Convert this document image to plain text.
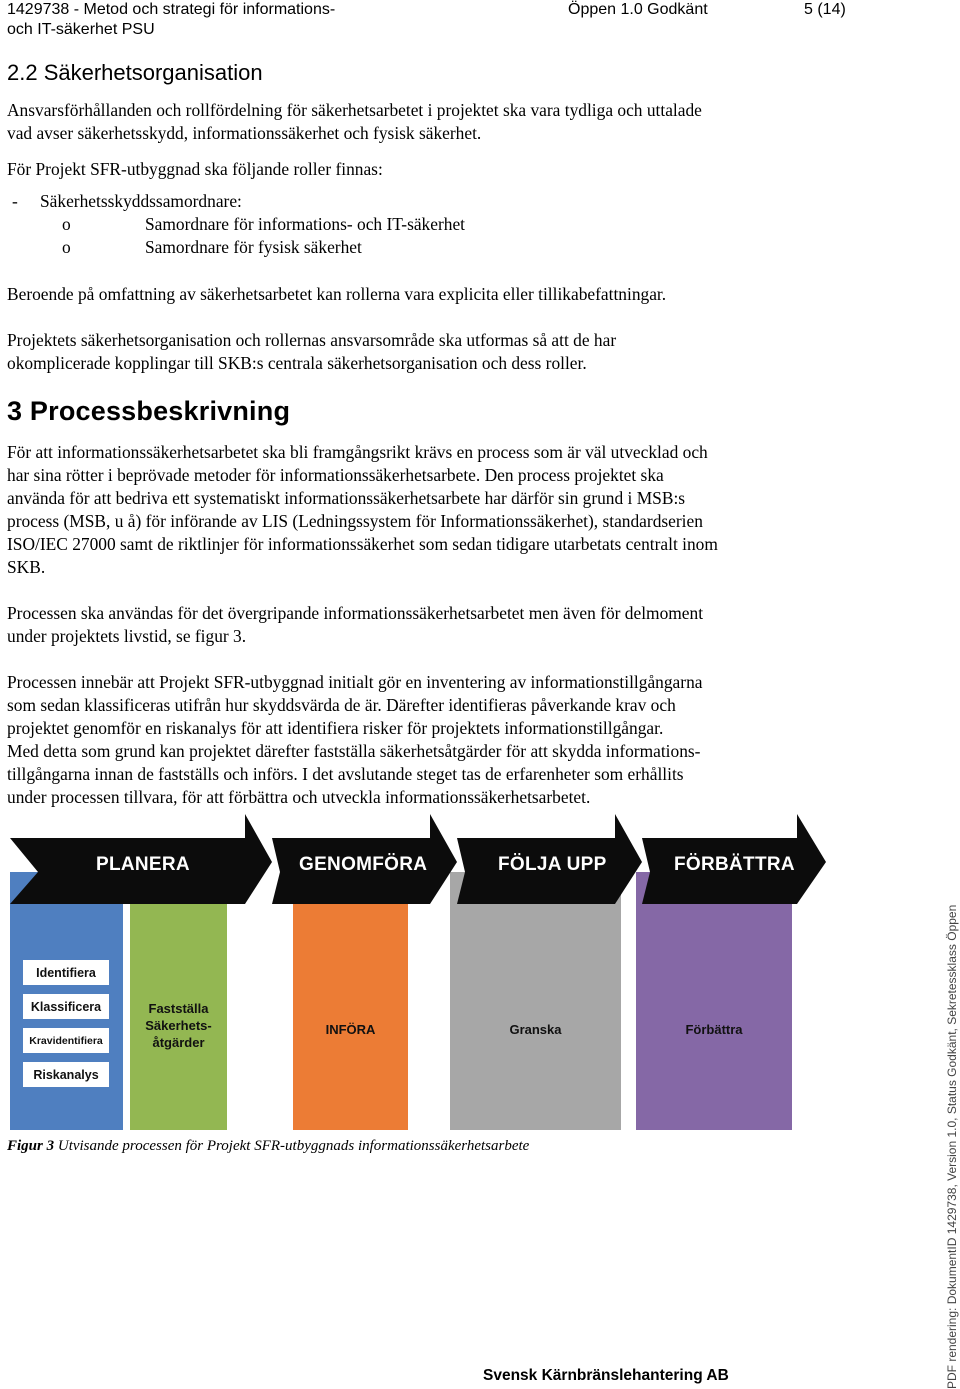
1429738 - Metod och strategi för informations-
och IT-säkerhet PSU
Öppen 1.0 Godkänt	5 (14)
2.2 Säkerhetsorganisation
Ansvarsförhållanden och rollfördelning för säkerhetsarbetet i projektet ska vara tydliga och uttalade
vad avser säkerhetsskydd, informationssäkerhet och fysisk säkerhet.
För Projekt SFR-utbyggnad ska följande roller finnas:
- Säkerhetsskyddssamordnare:
o	Samordnare för informations- och IT-säkerhet
o	Samordnare för fysisk säkerhet
Beroende på omfattning av säkerhetsarbetet kan rollerna vara explicita eller tillikabefattningar.
Projektets säkerhetsorganisation och rollernas ansvarsområde ska utformas så att de har
okomplicerade kopplingar till SKB:s centrala säkerhetsorganisation och dess roller.
3 Processbeskrivning
För att informationssäkerhetsarbetet ska bli framgångsrikt krävs en process som är väl utvecklad och
har sina rötter i beprövade metoder för informationssäkerhetsarbete. Den process projektet ska
använda för att bedriva ett systematiskt informationssäkerhetsarbete har därför sin grund i MSB:s
process (MSB, u å) för införande av LIS (Ledningssystem för Informationssäkerhet), standardserien
ISO/IEC 27000 samt de riktlinjer för informationssäkerhet som sedan tidigare utarbetats centralt inom
SKB.
Processen ska användas för det övergripande informationssäkerhetsarbetet men även för delmoment
under projektets livstid, se figur 3.
Processen innebär att Projekt SFR-utbyggnad initialt gör en inventering av informationstillgångarna
som sedan klassificeras utifrån hur skyddsvärda de är. Därefter identifieras påverkande krav och
projektet genomför en riskanalys för att identifiera risker för projektets informationstillgångar.
Med detta som grund kan projektet därefter fastställa säkerhetsåtgärder för att skydda informations-
tillgångarna innan de fastställs och införs. I det avslutande steget tas de erfarenheter som erhållits
under processen tillvara, för att förbättra och utveckla informationssäkerhetsarbetet.
Identifiera
Klassificera
Kravidentifiera
Riskanalys
Fastställa
Säkerhets-
åtgärder
INFÖRA	Granska	Förbättra
PLANERA	GENOMFÖRA	FÖLJA UPP	FÖRBÄTTRA
Figur 3 Utvisande processen för Projekt SFR-utbyggnads informationssäkerhetsarbete
Svensk Kärnbränslehantering AB	PDF rendering: DokumentID 1429738, Version 1.0, Status Godkänt, Sekretessklass Öppen
